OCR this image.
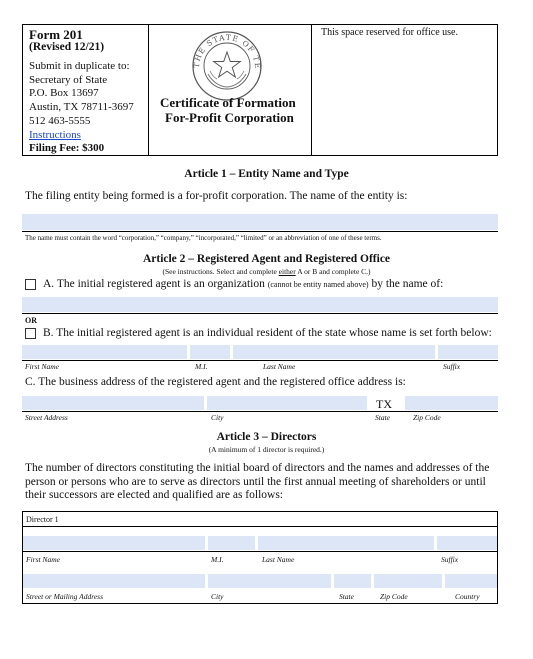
Form 201
(Revised 12/21)
Submit in duplicate to:
Secretary of State
P.O. Box 13697
Austin, TX 78711-3697
512 463-5555
Instructions
Filing Fee: $300
THE STATE OF TE
Certificate of Formation
For-Profit Corporation
This space reserved for office use.
Article 1 – Entity Name and Type
The filing entity being formed is a for-profit corporation. The name of the entity is:
The name must contain the word “corporation,” “company,” “incorporated,” “limited” or an abbreviation of one of these terms.
Article 2 – Registered Agent and Registered Office
(See instructions. Select and complete either A or B and complete C.)
A. The initial registered agent is an organization (cannot be entity named above) by the name of:
OR
B. The initial registered agent is an individual resident of the state whose name is set forth below:
First Name	M.I.	Last Name	Suffix
C. The business address of the registered agent and the registered office address is:
TX
Street Address	City	State	Zip Code
Article 3 – Directors
(A minimum of 1 director is required.)
The number of directors constituting the initial board of directors and the names and addresses of the
person or persons who are to serve as directors until the first annual meeting of shareholders or until
their successors are elected and qualified are as follows:
Director 1
First Name	M.I.	Last Name	Suffix
Street or Mailing Address	City	State	Zip Code	Country
